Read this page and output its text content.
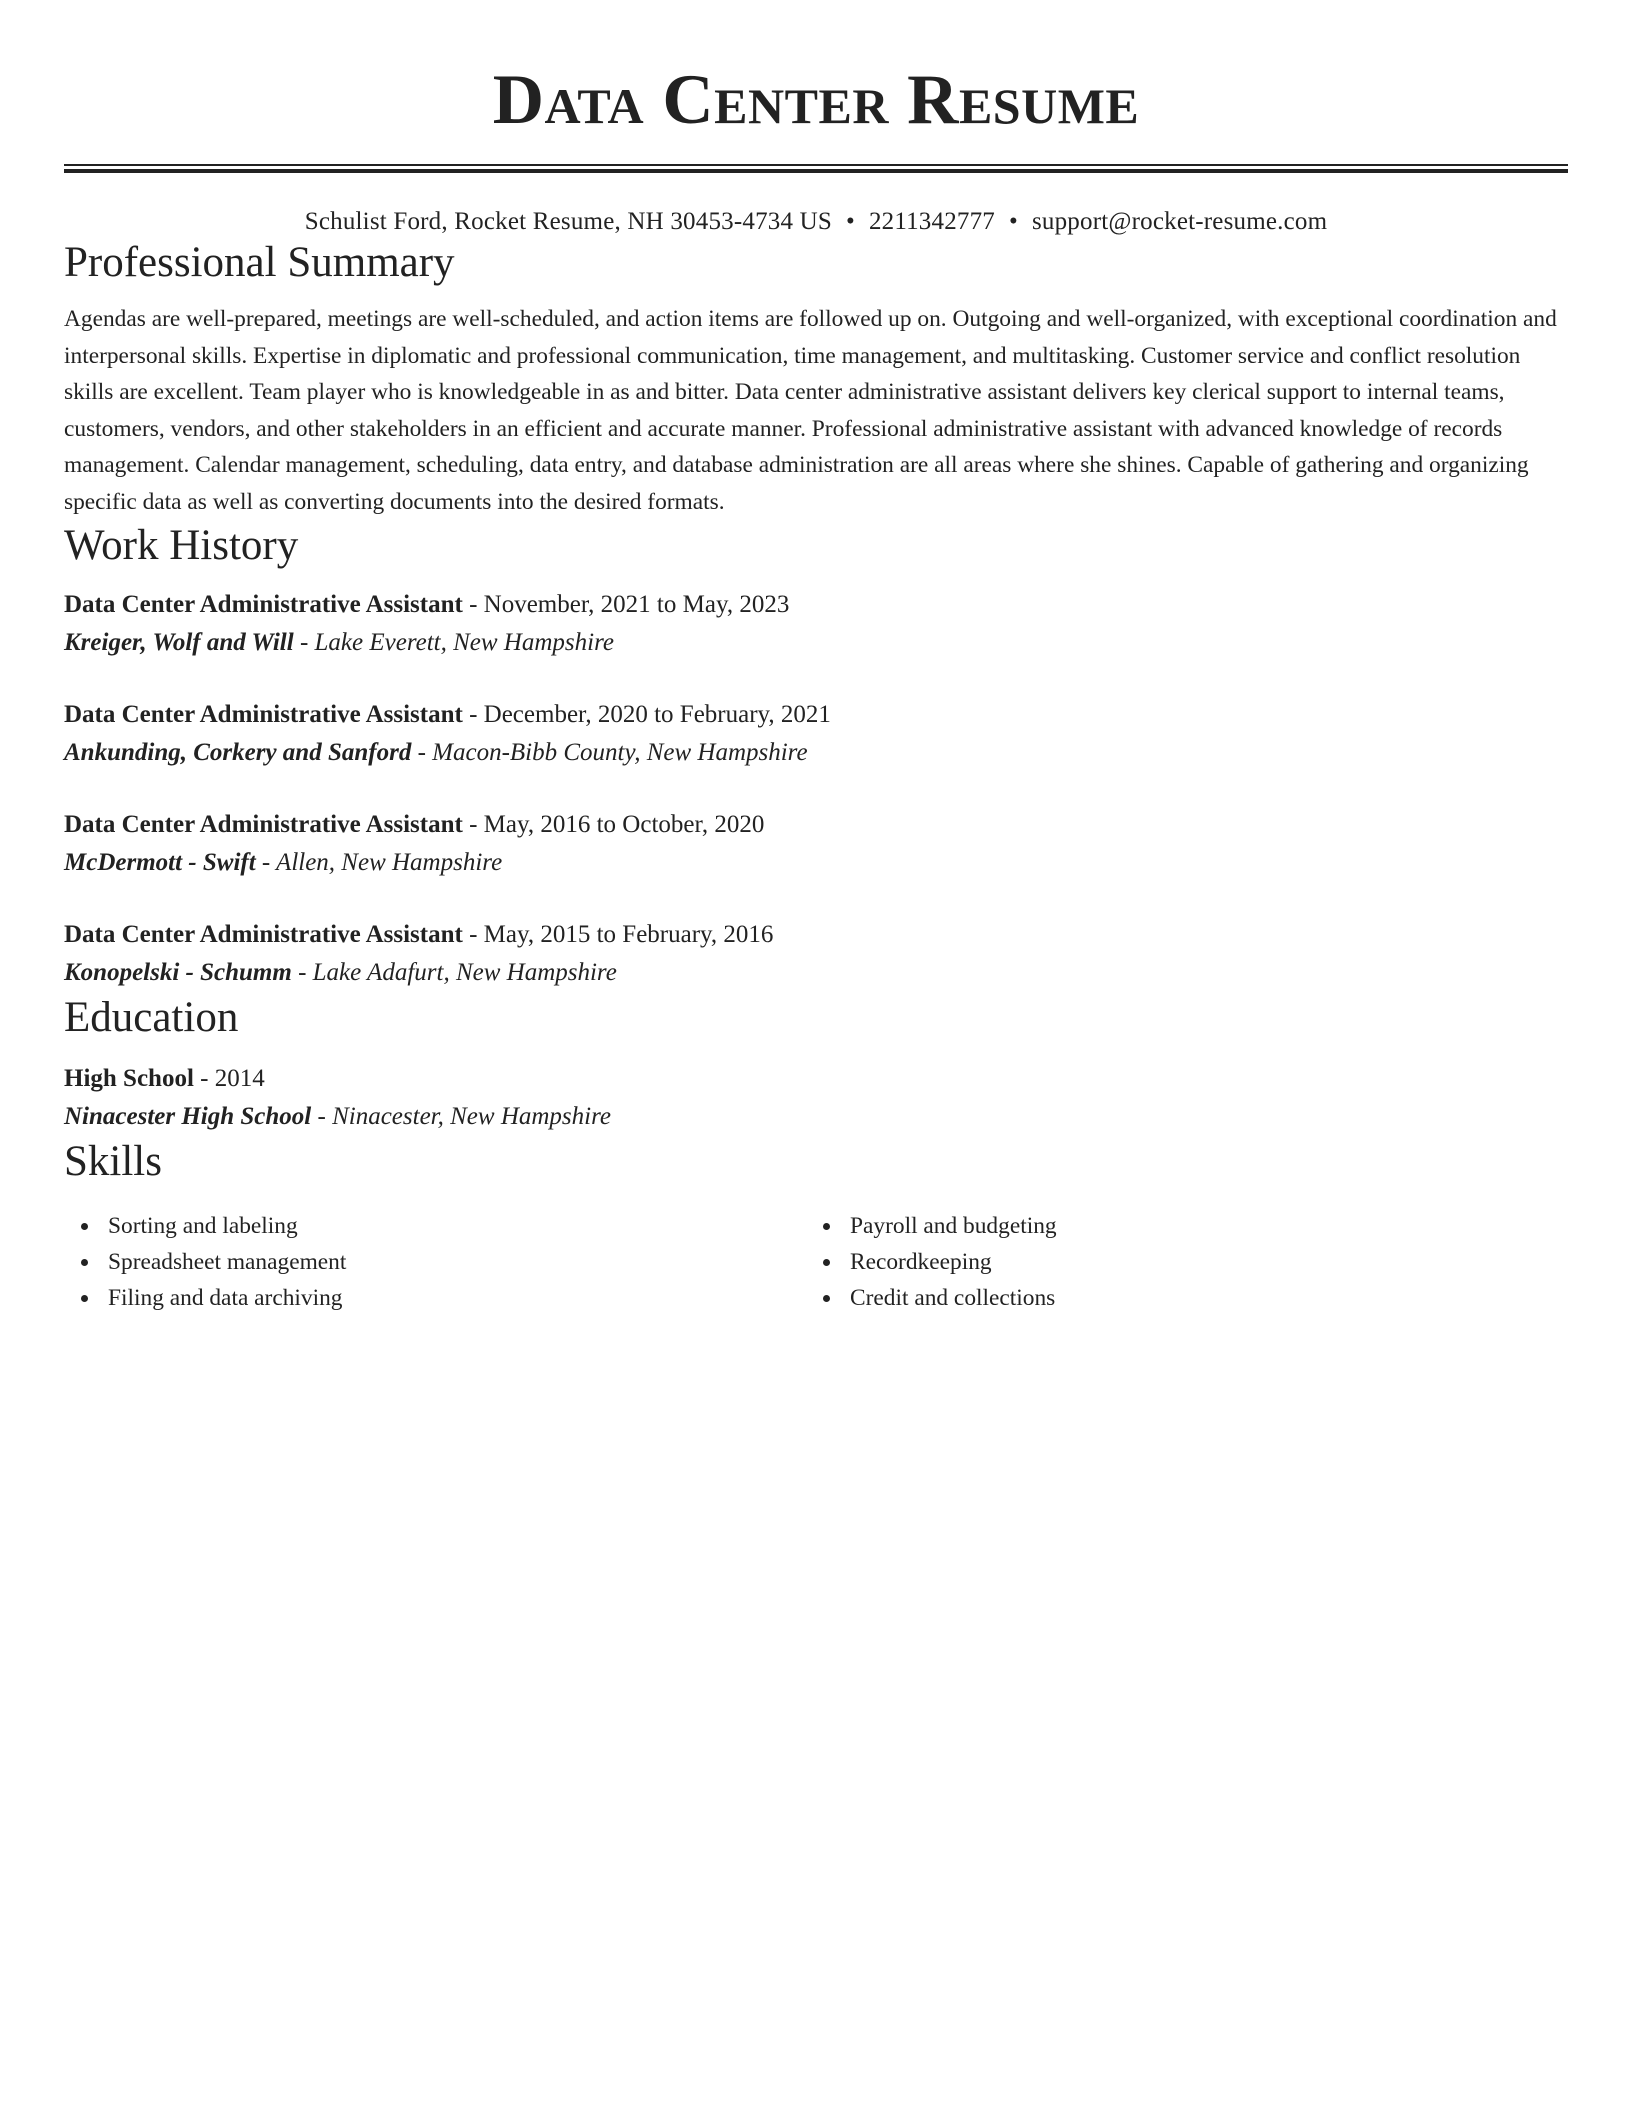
Data Center Resume
Schulist Ford, Rocket Resume, NH 30453-4734 US • 2211342777 • support@rocket-resume.com
Professional Summary

Agendas are well-prepared, meetings are well-scheduled, and action items are followed up on. Outgoing and well-organized, with exceptional coordination and interpersonal skills. Expertise in diplomatic and professional communication, time management, and multitasking. Customer service and conflict resolution skills are excellent. Team player who is knowledgeable in as and bitter. Data center administrative assistant delivers key clerical support to internal teams, customers, vendors, and other stakeholders in an efficient and accurate manner. Professional administrative assistant with advanced knowledge of records management. Calendar management, scheduling, data entry, and database administration are all areas where she shines. Capable of gathering and organizing specific data as well as converting documents into the desired formats.

Work History
Data Center Administrative Assistant - November, 2021 to May, 2023
Kreiger, Wolf and Will - Lake Everett, New Hampshire
Data Center Administrative Assistant - December, 2020 to February, 2021
Ankunding, Corkery and Sanford - Macon-Bibb County, New Hampshire
Data Center Administrative Assistant - May, 2016 to October, 2020
McDermott - Swift - Allen, New Hampshire
Data Center Administrative Assistant - May, 2015 to February, 2016
Konopelski - Schumm - Lake Adafurt, New Hampshire
Education
High School - 2014
Ninacester High School - Ninacester, New Hampshire
Skills
Sorting and labeling
Spreadsheet management
Filing and data archiving
Payroll and budgeting
Recordkeeping
Credit and collections
